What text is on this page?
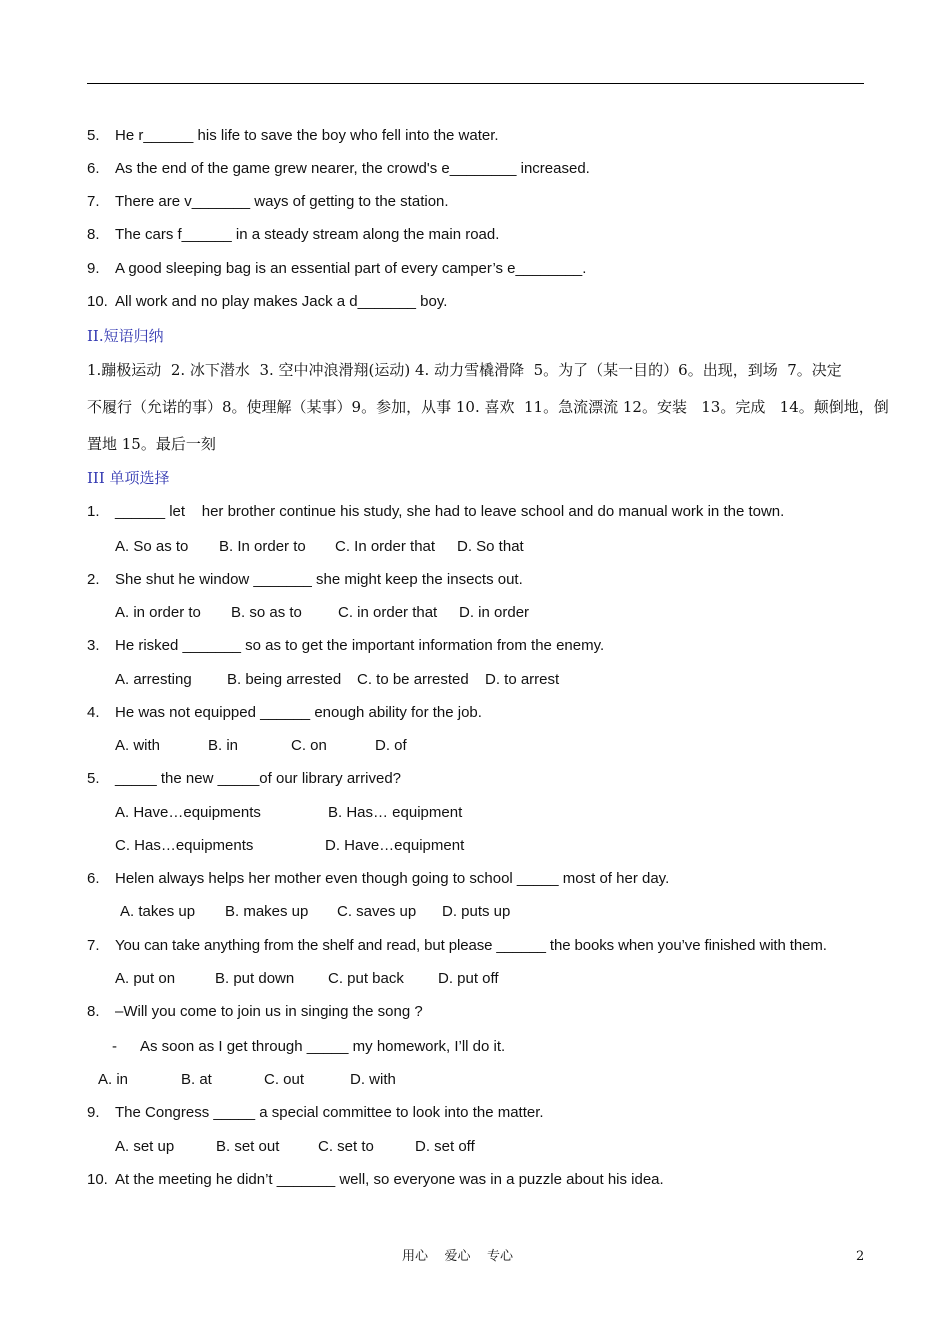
5. He r______ his life to save the boy who fell into the water.
6. As the end of the game grew nearer, the crowd's e________ increased.
7. There are v_______ ways of getting to the station.
8. The cars f______ in a steady stream along the main road.
9. A good sleeping bag is an essential part of every camper’s e________.
10. All work and no play makes Jack a d_______ boy.
II.短语归纳
1.蹦极运动  2. 冰下潜水  3. 空中冲浪滑翔(运动) 4. 动力雪橇滑降  5。为了（某一目的）6。出现，到场  7。决定
不履行（允诺的事）8。使理解（某事）9。参加，从事 10. 喜欢  11。急流漂流 12。安装   13。完成   14。颠倒地，倒
置地 15。最后一刻
III 单项选择
1. ______ let    her brother continue his study, she had to leave school and do manual work in the town.
A. So as to B. In order to C. In order that D. So that
2. She shut he window _______ she might keep the insects out.
A. in order to B. so as to C. in order that D. in order
3. He risked _______ so as to get the important information from the enemy.
A. arresting B. being arrested C. to be arrested D. to arrest
4. He was not equipped ______ enough ability for the job.
A. with	B. in	C. on	D. of
5. _____ the new _____of our library arrived?
A. Have…equipments	B. Has… equipment
C. Has…equipments	D. Have…equipment
6. Helen always helps her mother even though going to school _____ most of her day.
A. takes up B. makes up C. saves up D. puts up
7. You can take anything from the shelf and read, but please ______ the books when you’ve finished with them.
A. put on	B. put down C. put back D. put off
8. –Will you come to join us in singing the song ?
- As soon as I get through _____ my homework, I’ll do it.
A. in	B. at	C. out	D. with
9. The Congress _____ a special committee to look into the matter.
A. set up	B. set out	C. set to	D. set off
10. At the meeting he didn’t _______ well, so everyone was in a puzzle about his idea.
用心    爱心    专心	2
